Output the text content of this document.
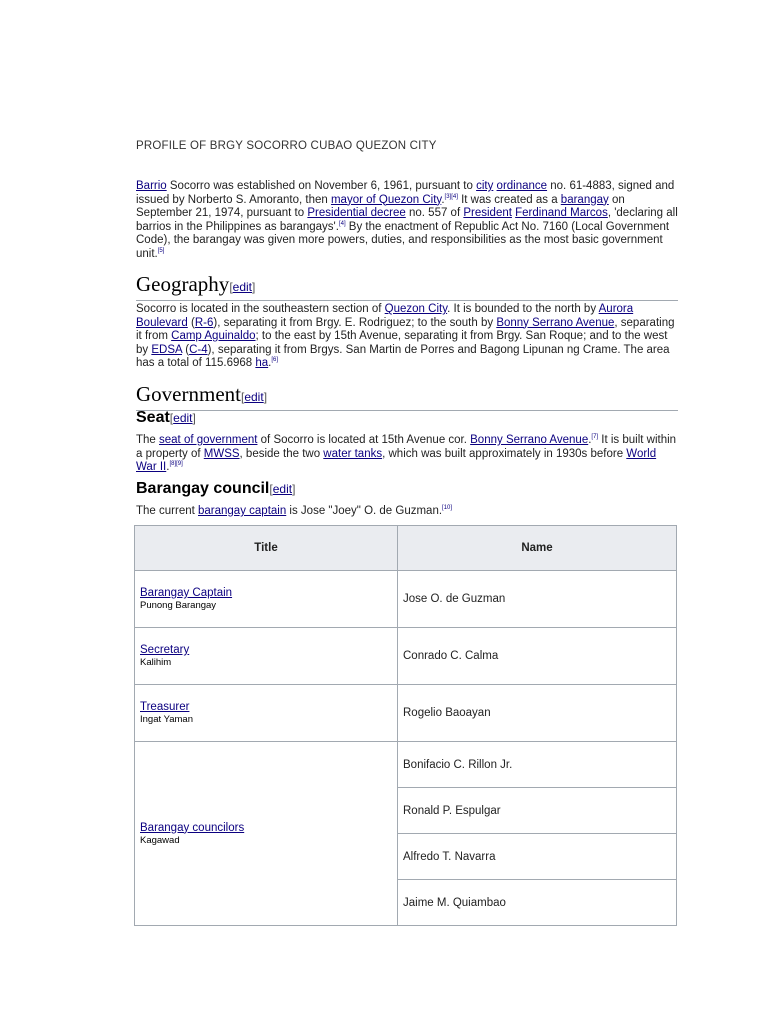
PROFILE OF BRGY SOCORRO CUBAO QUEZON CITY

Barrio Socorro was established on November 6, 1961, pursuant to city ordinance no. 61-4883, signed and issued by Norberto S. Amoranto, then mayor of Quezon City.[3][4] It was created as a barangay on September 21, 1974, pursuant to Presidential decree no. 557 of President Ferdinand Marcos, 'declaring all barrios in the Philippines as barangays'.[4] By the enactment of Republic Act No. 7160 (Local Government Code), the barangay was given more powers, duties, and responsibilities as the most basic government unit.[5]

Geography[edit]

Socorro is located in the southeastern section of Quezon City. It is bounded to the north by Aurora Boulevard (R-6), separating it from Brgy. E. Rodriguez; to the south by Bonny Serrano Avenue, separating it from Camp Aguinaldo; to the east by 15th Avenue, separating it from Brgy. San Roque; and to the west by EDSA (C-4), separating it from Brgys. San Martin de Porres and Bagong Lipunan ng Crame. The area has a total of 115.6968 ha.[6]

Government[edit]
Seat[edit]

The seat of government of Socorro is located at 15th Avenue cor. Bonny Serrano Avenue.[7] It is built within a property of MWSS, beside the two water tanks, which was built approximately in 1930s before World War II.[8][9]

Barangay council[edit]

The current barangay captain is Jose "Joey" O. de Guzman.[10]

Title	Name

Barangay Captain
Punong Barangay	Jose O. de Guzman

Secretary
Kalihim	Conrado C. Calma

Treasurer
Ingat Yaman	Rogelio Baoayan

Barangay councilors
Kagawad	Bonifacio C. Rillon Jr.
	Ronald P. Espulgar
	Alfredo T. Navarra
	Jaime M. Quiambao
